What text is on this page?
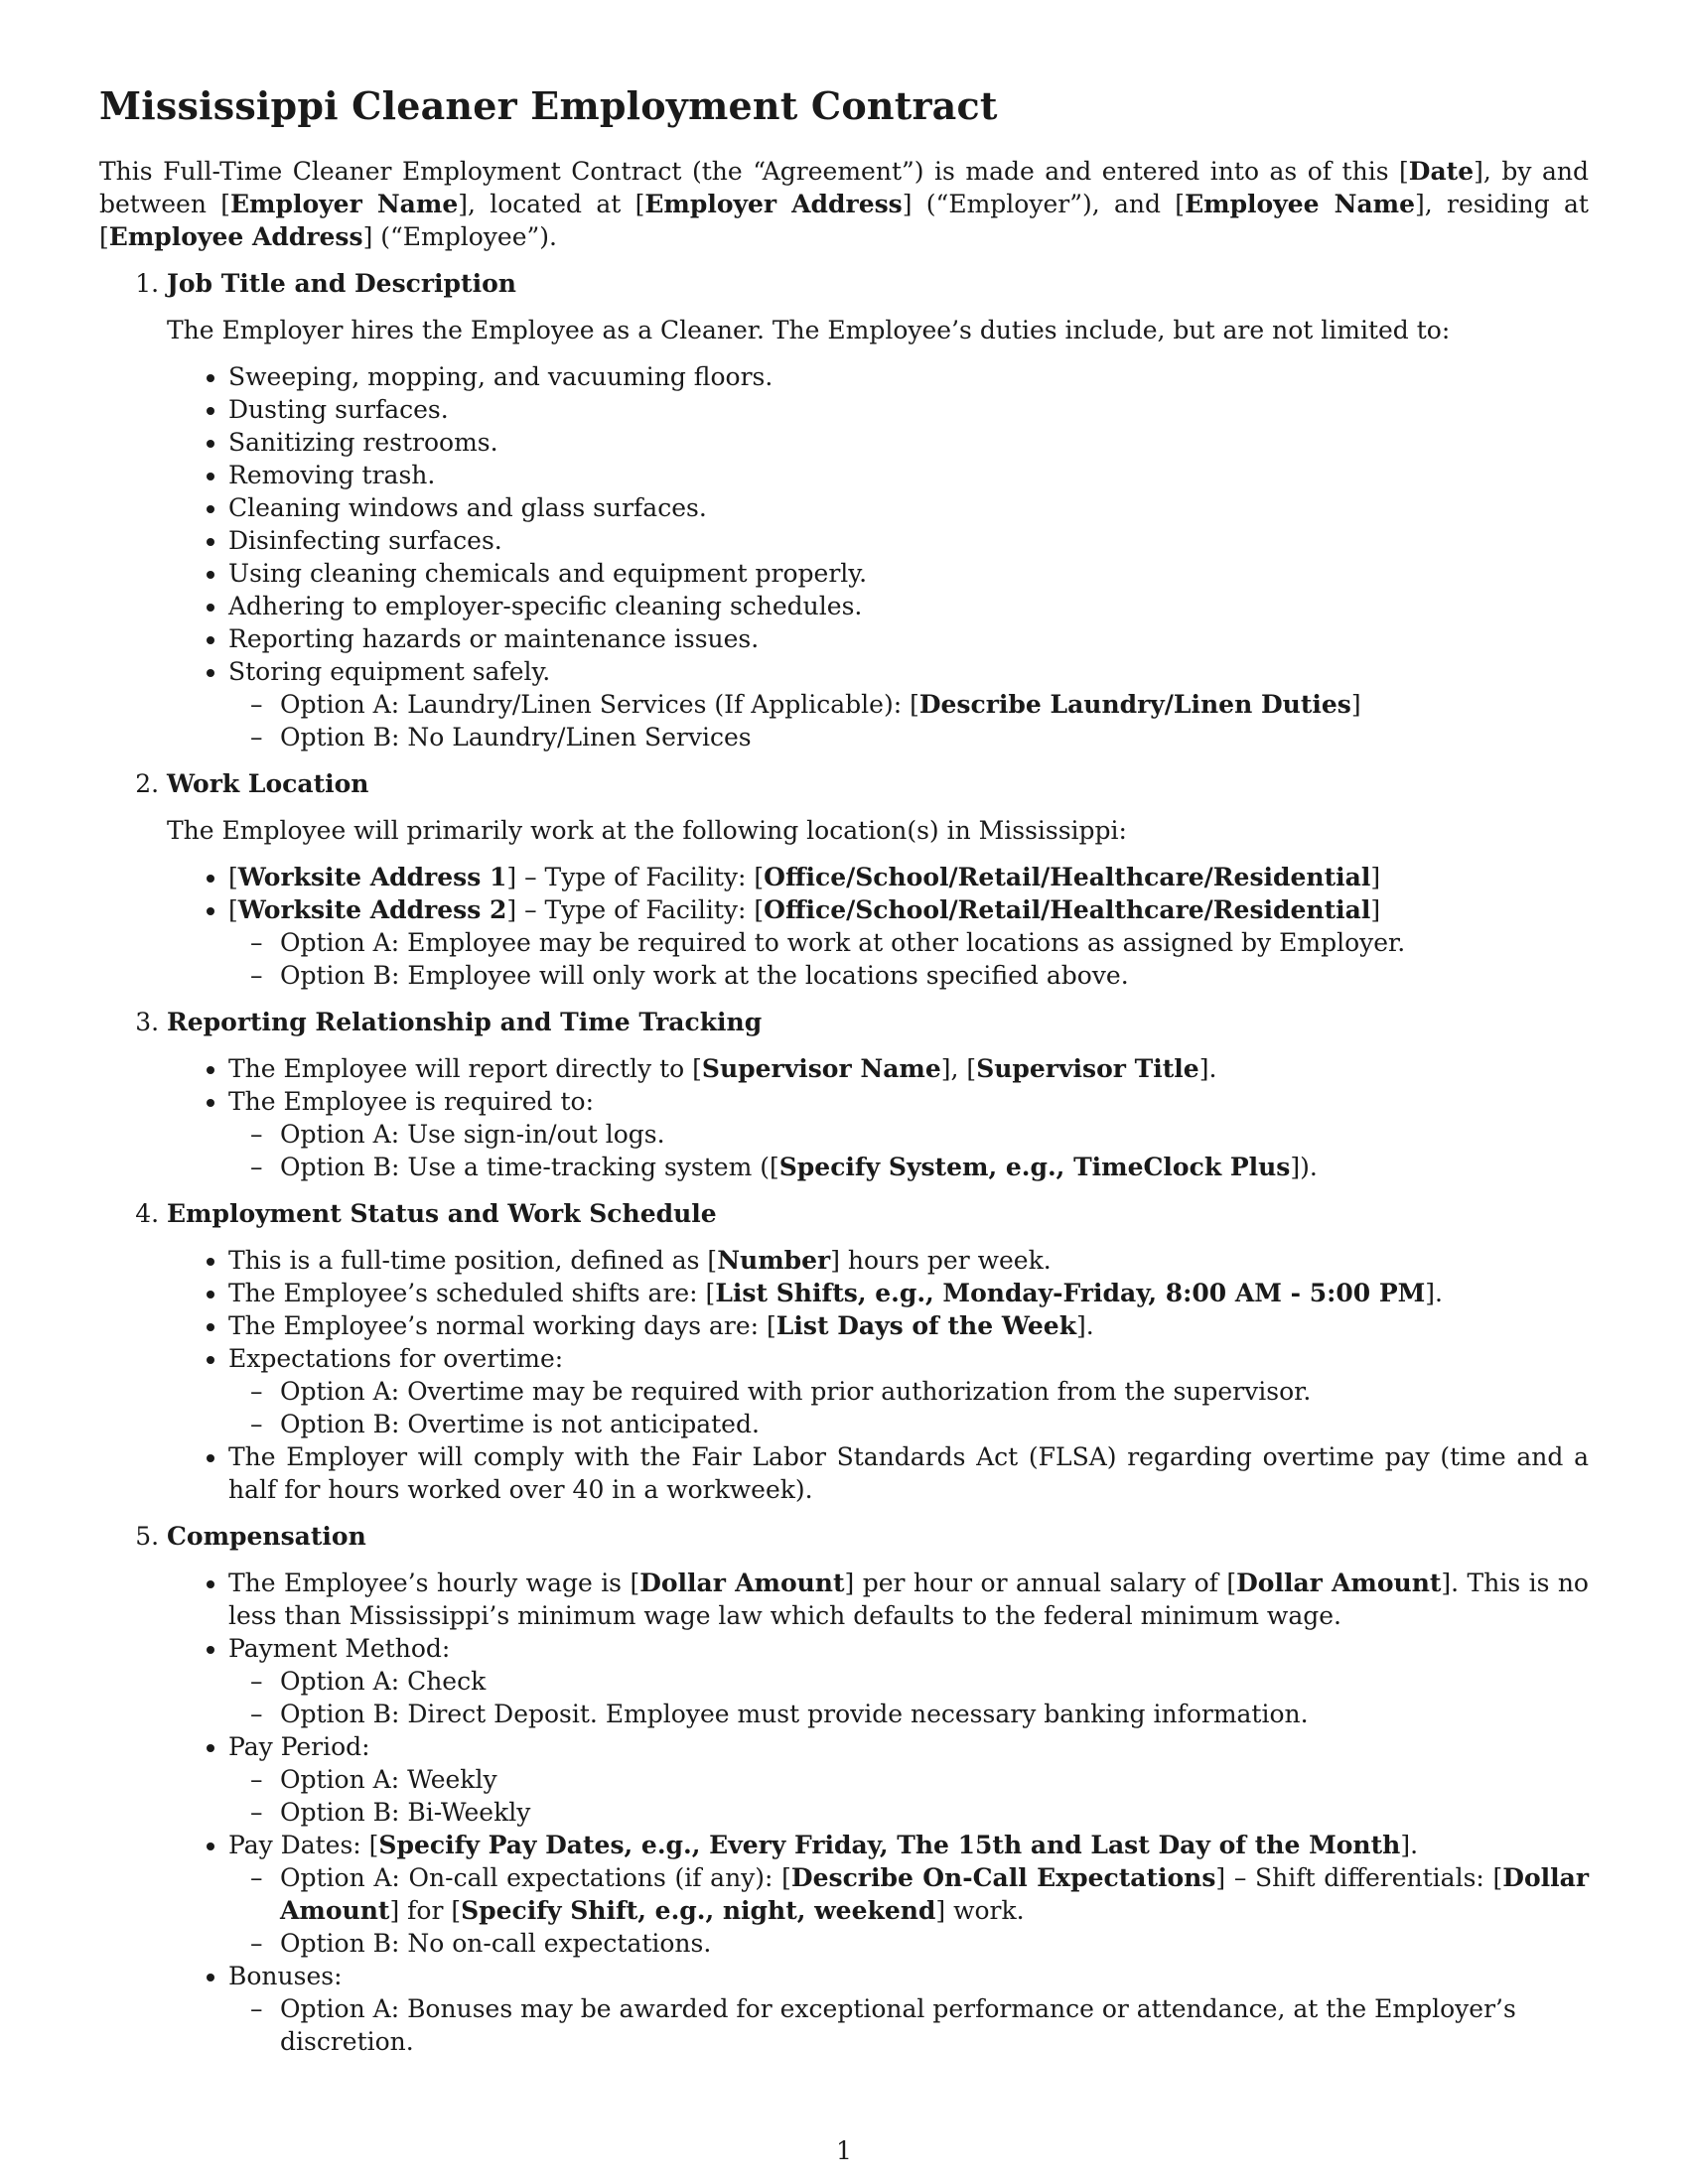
Mississippi Cleaner Employment Contract

This Full-Time Cleaner Employment Contract (the “Agreement”) is made and entered into as of this [Date], by and between [Employer Name], located at [Employer Address] (“Employer”), and [Employee Name], residing at [Employee Address] (“Employee”).

1. Job Title and Description

The Employer hires the Employee as a Cleaner. The Employee’s duties include, but are not limited to:

• Sweeping, mopping, and vacuuming floors.
• Dusting surfaces.
• Sanitizing restrooms.
• Removing trash.
• Cleaning windows and glass surfaces.
• Disinfecting surfaces.
• Using cleaning chemicals and equipment properly.
• Adhering to employer-specific cleaning schedules.
• Reporting hazards or maintenance issues.
• Storing equipment safely.
– Option A: Laundry/Linen Services (If Applicable): [Describe Laundry/Linen Duties]
– Option B: No Laundry/Linen Services
2. Work Location

The Employee will primarily work at the following location(s) in Mississippi:

• [Worksite Address 1] – Type of Facility: [Office/School/Retail/Healthcare/Residential]
• [Worksite Address 2] – Type of Facility: [Office/School/Retail/Healthcare/Residential]
– Option A: Employee may be required to work at other locations as assigned by Employer.
– Option B: Employee will only work at the locations specified above.
3. Reporting Relationship and Time Tracking
• The Employee will report directly to [Supervisor Name], [Supervisor Title].
• The Employee is required to:
– Option A: Use sign-in/out logs.
– Option B: Use a time-tracking system ([Specify System, e.g., TimeClock Plus]).
4. Employment Status and Work Schedule
• This is a full-time position, defined as [Number] hours per week.
• The Employee’s scheduled shifts are: [List Shifts, e.g., Monday-Friday, 8:00 AM - 5:00 PM].
• The Employee’s normal working days are: [List Days of the Week].
• Expectations for overtime:
– Option A: Overtime may be required with prior authorization from the supervisor.
– Option B: Overtime is not anticipated.
• The Employer will comply with the Fair Labor Standards Act (FLSA) regarding overtime pay (time and a half for hours worked over 40 in a workweek).
5. Compensation
• The Employee’s hourly wage is [Dollar Amount] per hour or annual salary of [Dollar Amount]. This is no less than Mississippi’s minimum wage law which defaults to the federal minimum wage.
• Payment Method:
– Option A: Check
– Option B: Direct Deposit. Employee must provide necessary banking information.
• Pay Period:
– Option A: Weekly
– Option B: Bi-Weekly
• Pay Dates: [Specify Pay Dates, e.g., Every Friday, The 15th and Last Day of the Month].
– Option A: On-call expectations (if any): [Describe On-Call Expectations] – Shift differentials: [Dollar Amount] for [Specify Shift, e.g., night, weekend] work.
– Option B: No on-call expectations.
• Bonuses:
– Option A: Bonuses may be awarded for exceptional performance or attendance, at the Employer’s discretion.
1
